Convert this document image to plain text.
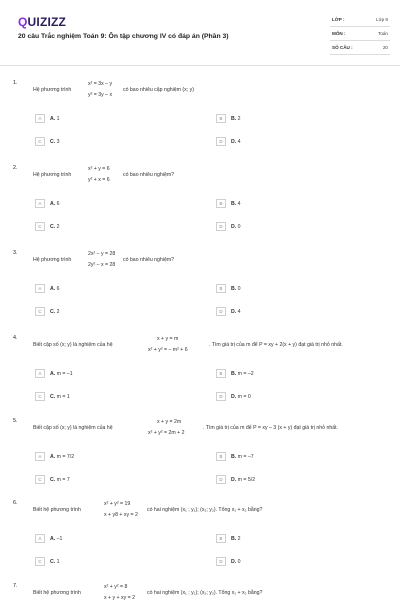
QUIZIZZ
20 câu Trắc nghiệm Toán 9: Ôn tập chương IV có đáp án (Phần 3)
LỚP :	Lớp 9
MÔN :	Toán
SỐ CÂU :	20
1.
Hệ phương trình
x² = 3x – y
y² = 3y – x
có bao nhiêu cặp nghiệm (x; y)
A	A. 1	B	B. 2
C	C. 3	D	D. 4
2.
Hệ phương trình
x² + y = 6
y² + x = 6
có bao nhiêu nghiệm?
A	A. 6	B	B. 4
C	C. 2	D	D. 0
3.
Hệ phương trình
2x² – y = 28
2y² – x = 28
có bao nhiêu nghiệm?
A	A. 6	B	B. 0
C	C. 2	D	D. 4
4.
Biết cặp số (x; y) là nghiệm của hệ
x + y = m
x² + y² = – m² + 6
. Tìm giá trị của m để P = xy + 2(x + y) đạt giá trị nhỏ nhất.
A	A. m = –1	B	B. m = –2
C	C. m = 1	D	D. m = 0
5.
Biết cặp số (x; y) là nghiệm của hệ
x + y = 2m
x² + y² = 2m + 2
. Tìm giá trị của m để P = xy – 3 (x + y) đạt giá trị nhỏ nhất.
A	A. m = 7/2	B	B. m = –7
C	C. m = 7	D	D. m = 5/2
6.
Biết hệ phương trình
x² + y² = 19
x + y8 + xy = 2
có hai nghiệm (x₁ ; y₁); (x₂; y₂). Tổng x₁ + x₂ bằng?
A	A. –1	B	B. 2
C	C. 1	D	D. 0
7.
Biết hệ phương trình
x² + y² = 8
x + y + xy = 2
có hai nghiệm (x₁ ; y₁); (x₂; y₂). Tổng x₁ + x₂ bằng?
